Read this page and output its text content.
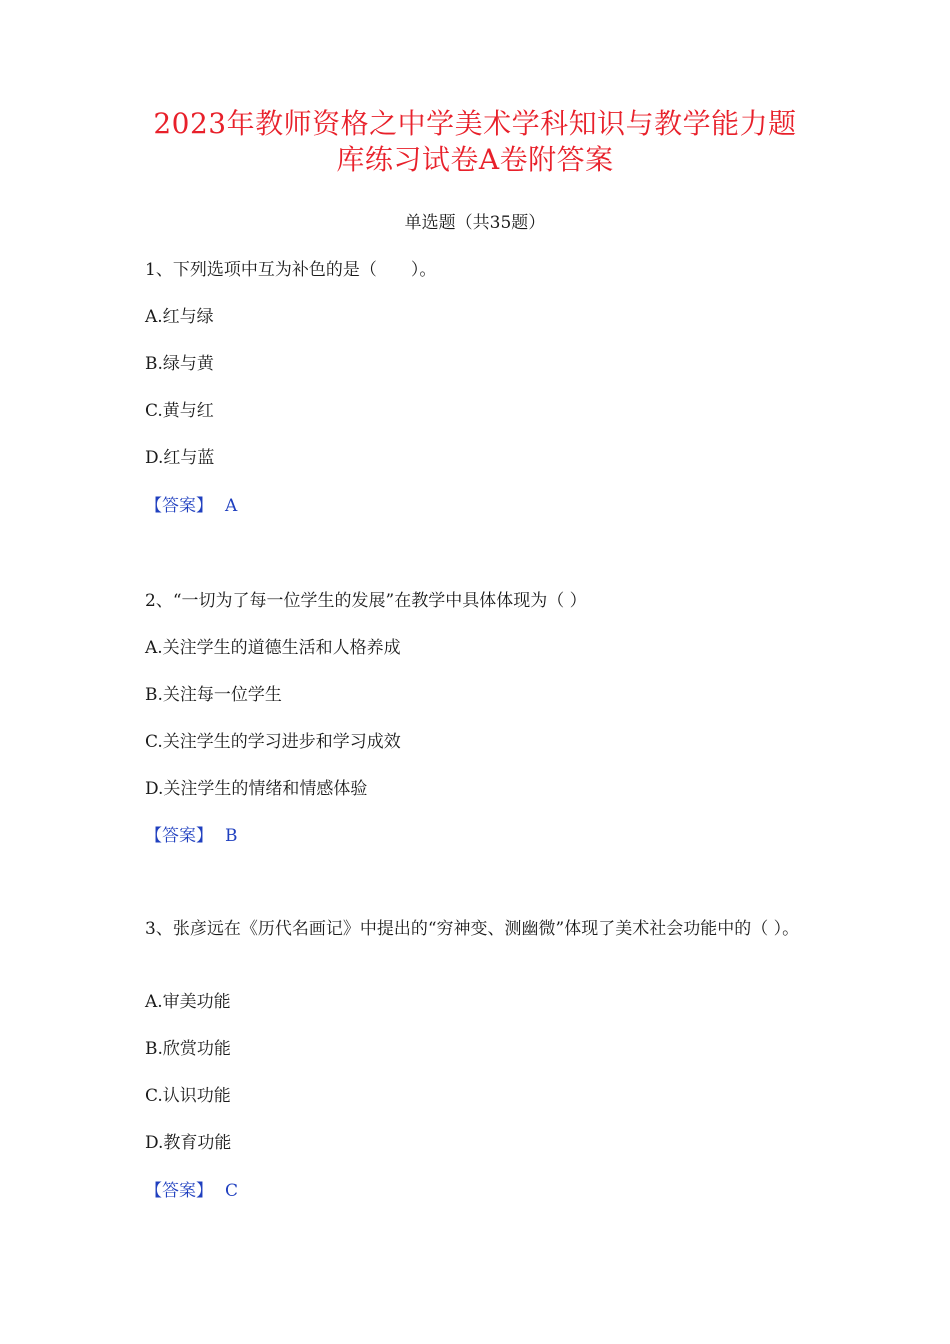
2023年教师资格之中学美术学科知识与教学能力题
库练习试卷A卷附答案
单选题（共35题）
1、下列选项中互为补色的是（　　）。
A.红与绿
B.绿与黄
C.黄与红
D.红与蓝
【答案】 A
2、“一切为了每一位学生的发展”在教学中具体体现为（ ）
A.关注学生的道德生活和人格养成
B.关注每一位学生
C.关注学生的学习进步和学习成效
D.关注学生的情绪和情感体验
【答案】 B
3、张彦远在《历代名画记》中提出的“穷神变、测幽微”体现了美术社会功能中的（ ）。
A.审美功能
B.欣赏功能
C.认识功能
D.教育功能
【答案】 C
